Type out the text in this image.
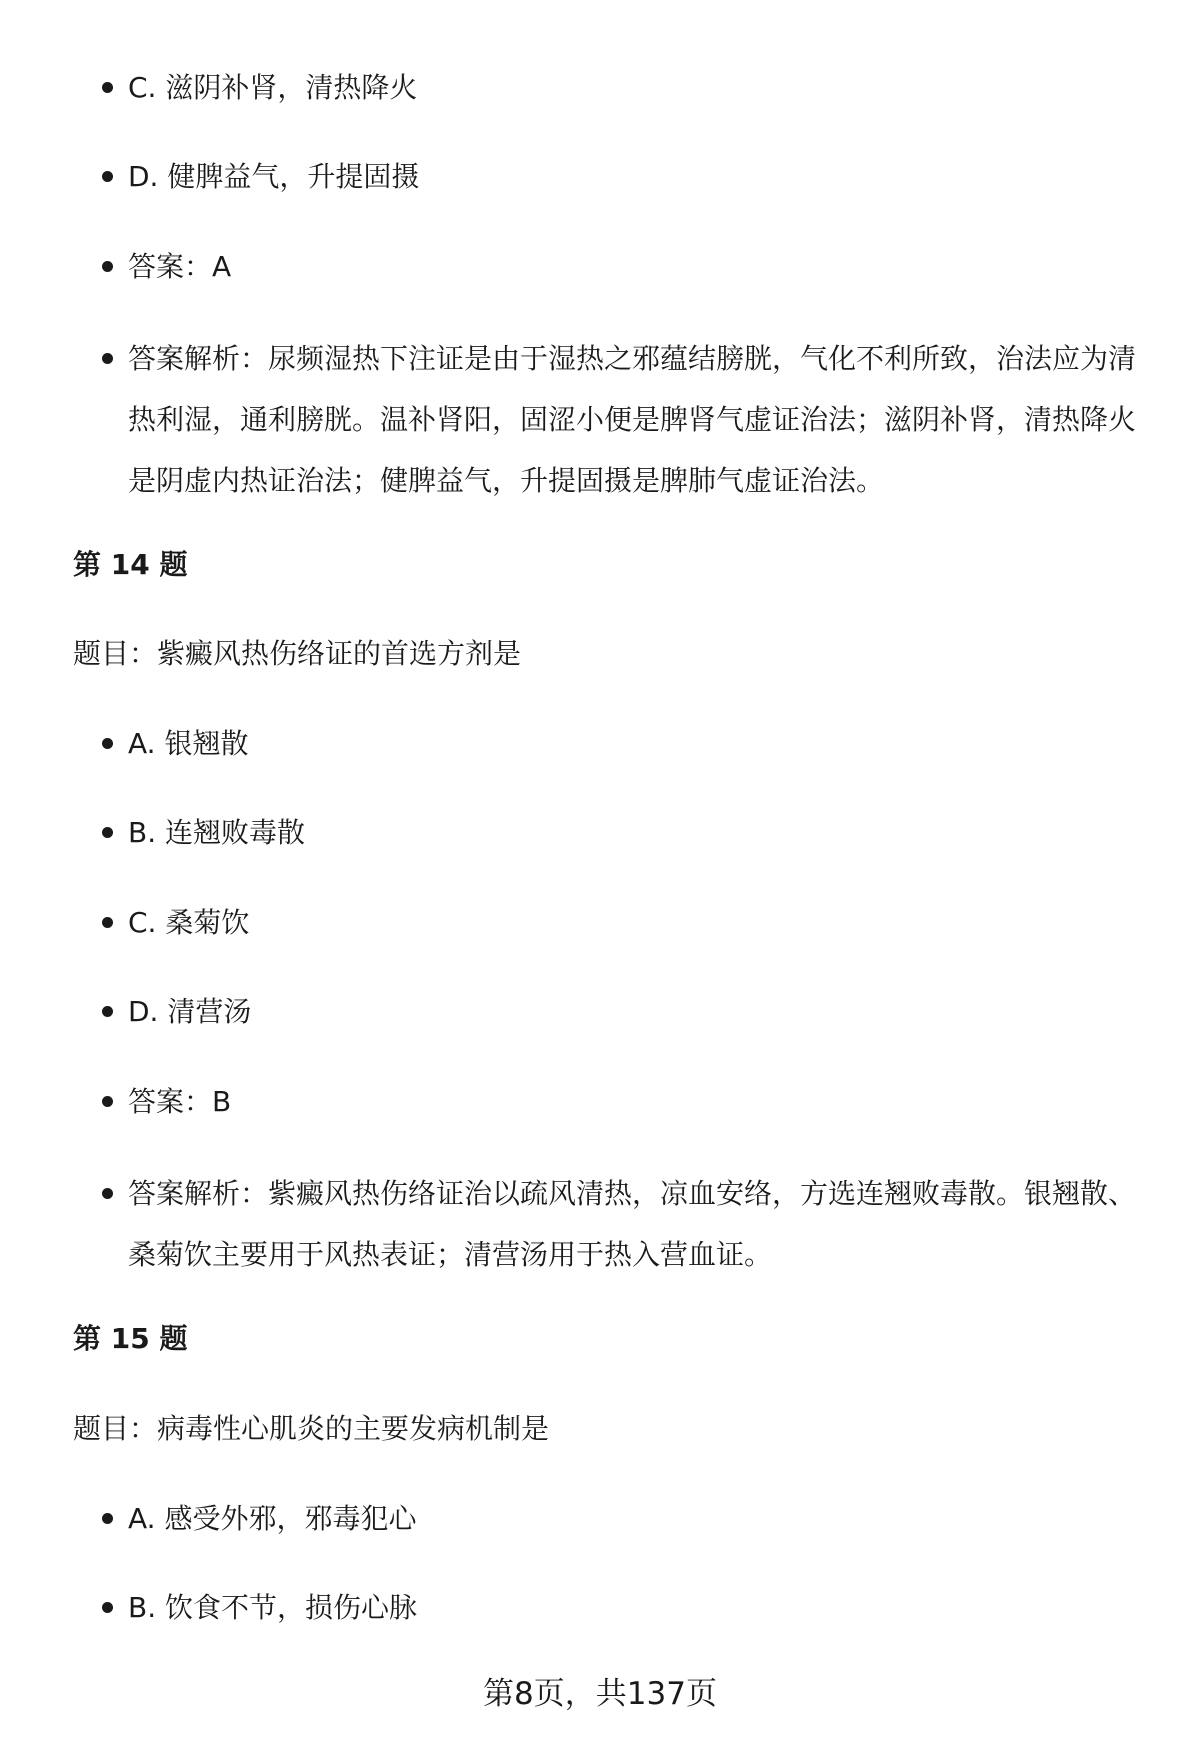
C. 滋阴补肾，清热降火
D. 健脾益气，升提固摄
答案：A
答案解析：尿频湿热下注证是由于湿热之邪蕴结膀胱，气化不利所致，治法应为清热利湿，通利膀胱。温补肾阳，固涩小便是脾肾气虚证治法；滋阴补肾，清热降火是阴虚内热证治法；健脾益气，升提固摄是脾肺气虚证治法。
第 14 题
题目：紫癜风热伤络证的首选方剂是
A. 银翘散
B. 连翘败毒散
C. 桑菊饮
D. 清营汤
答案：B
答案解析：紫癜风热伤络证治以疏风清热，凉血安络，方选连翘败毒散。银翘散、桑菊饮主要用于风热表证；清营汤用于热入营血证。
第 15 题
题目：病毒性心肌炎的主要发病机制是
A. 感受外邪，邪毒犯心
B. 饮食不节，损伤心脉
第8页，共137页
